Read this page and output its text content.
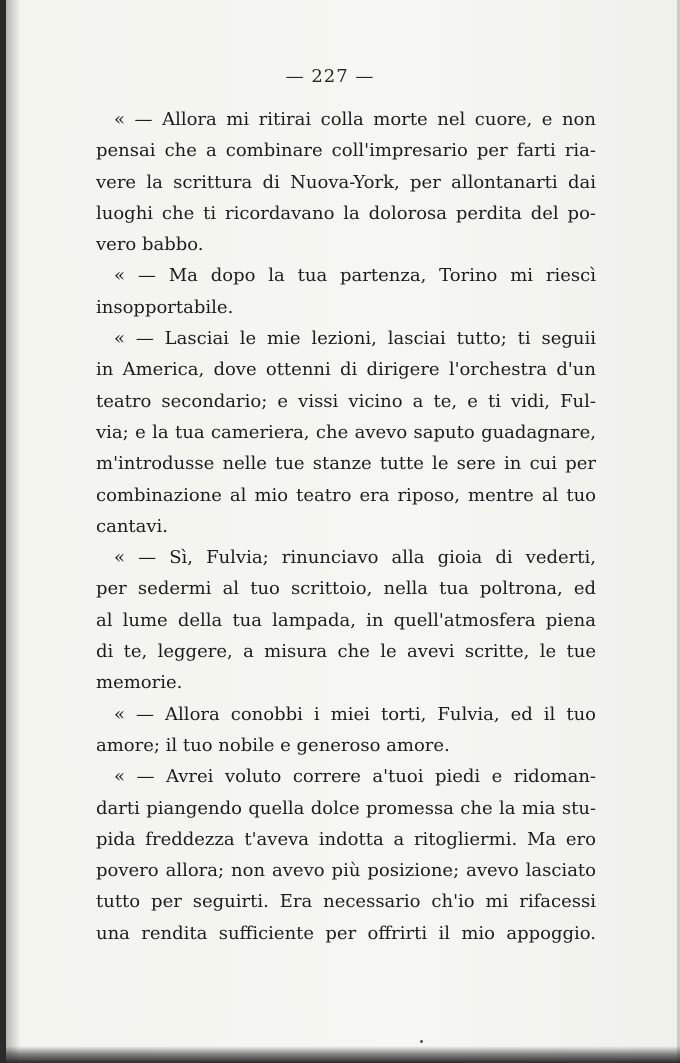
— 227 —
« — Allora mi ritirai colla morte nel cuore, e non
pensai che a combinare coll'impresario per farti ria-
vere la scrittura di Nuova-York, per allontanarti dai
luoghi che ti ricordavano la dolorosa perdita del po-
vero babbo.
« — Ma dopo la tua partenza, Torino mi riescì
insopportabile.
« — Lasciai le mie lezioni, lasciai tutto; ti seguii
in America, dove ottenni di dirigere l'orchestra d'un
teatro secondario; e vissi vicino a te, e ti vidi, Ful-
via; e la tua cameriera, che avevo saputo guadagnare,
m'introdusse nelle tue stanze tutte le sere in cui per
combinazione al mio teatro era riposo, mentre al tuo
cantavi.
« — Sì, Fulvia; rinunciavo alla gioia di vederti,
per sedermi al tuo scrittoio, nella tua poltrona, ed
al lume della tua lampada, in quell'atmosfera piena
di te, leggere, a misura che le avevi scritte, le tue
memorie.
« — Allora conobbi i miei torti, Fulvia, ed il tuo
amore; il tuo nobile e generoso amore.
« — Avrei voluto correre a'tuoi piedi e ridoman-
darti piangendo quella dolce promessa che la mia stu-
pida freddezza t'aveva indotta a ritogliermi. Ma ero
povero allora; non avevo più posizione; avevo lasciato
tutto per seguirti. Era necessario ch'io mi rifacessi
una rendita sufficiente per offrirti il mio appoggio.
